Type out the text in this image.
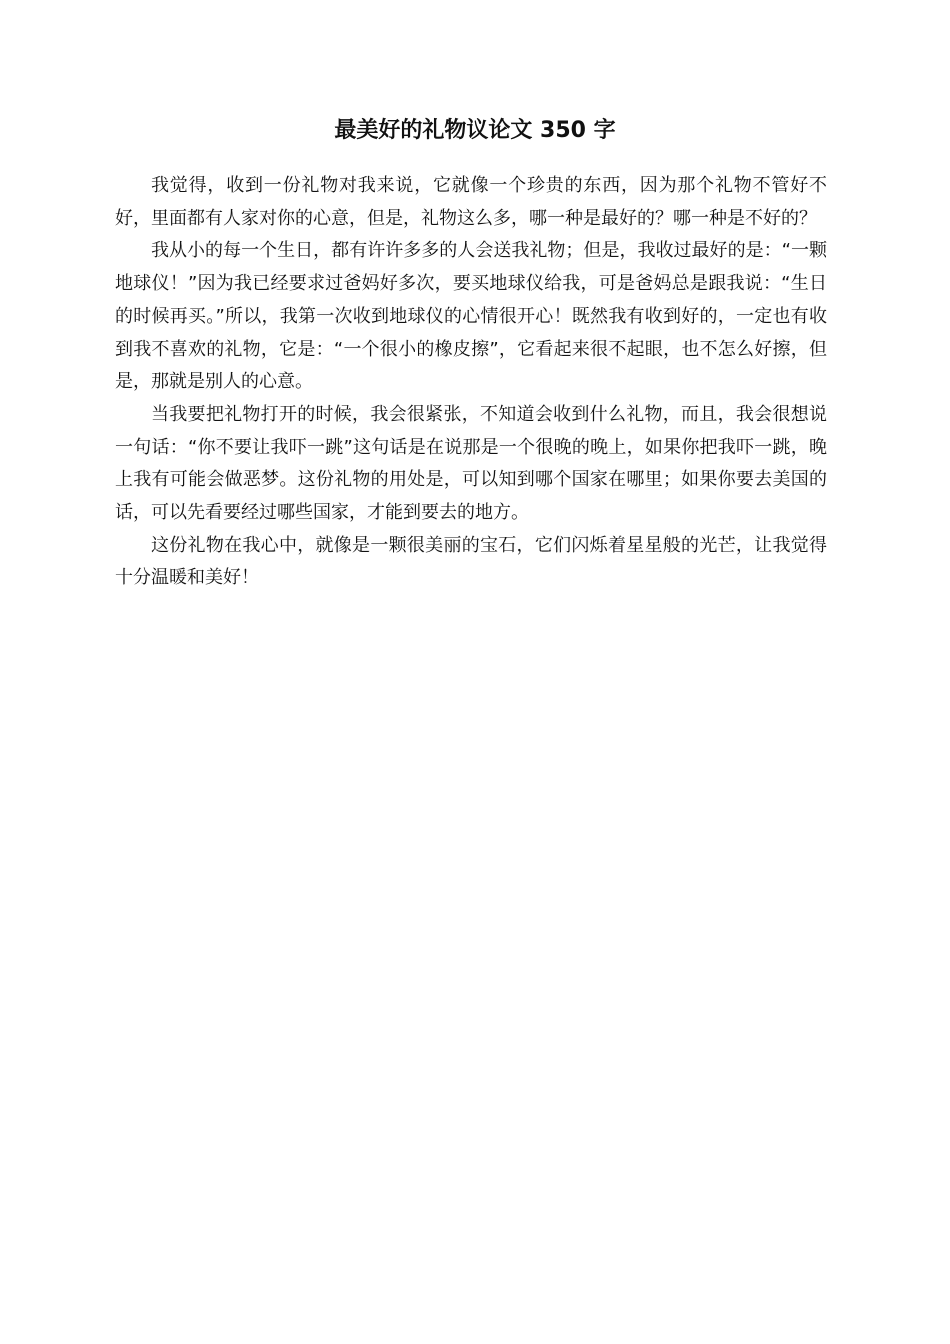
最美好的礼物议论文 350 字

我觉得，收到一份礼物对我来说，它就像一个珍贵的东西，因为那个礼物不管好不好，里面都有人家对你的心意，但是，礼物这么多，哪一种是最好的？哪一种是不好的？

我从小的每一个生日，都有许许多多的人会送我礼物；但是，我收过最好的是：“一颗地球仪！”因为我已经要求过爸妈好多次，要买地球仪给我，可是爸妈总是跟我说：“生日的时候再买。”所以，我第一次收到地球仪的心情很开心！既然我有收到好的，一定也有收到我不喜欢的礼物，它是：“一个很小的橡皮擦”，它看起来很不起眼，也不怎么好擦，但是，那就是别人的心意。

当我要把礼物打开的时候，我会很紧张，不知道会收到什么礼物，而且，我会很想说一句话：“你不要让我吓一跳”这句话是在说那是一个很晚的晚上，如果你把我吓一跳，晚上我有可能会做恶梦。这份礼物的用处是，可以知到哪个国家在哪里；如果你要去美国的话，可以先看要经过哪些国家，才能到要去的地方。

这份礼物在我心中，就像是一颗很美丽的宝石，它们闪烁着星星般的光芒，让我觉得十分温暖和美好！
